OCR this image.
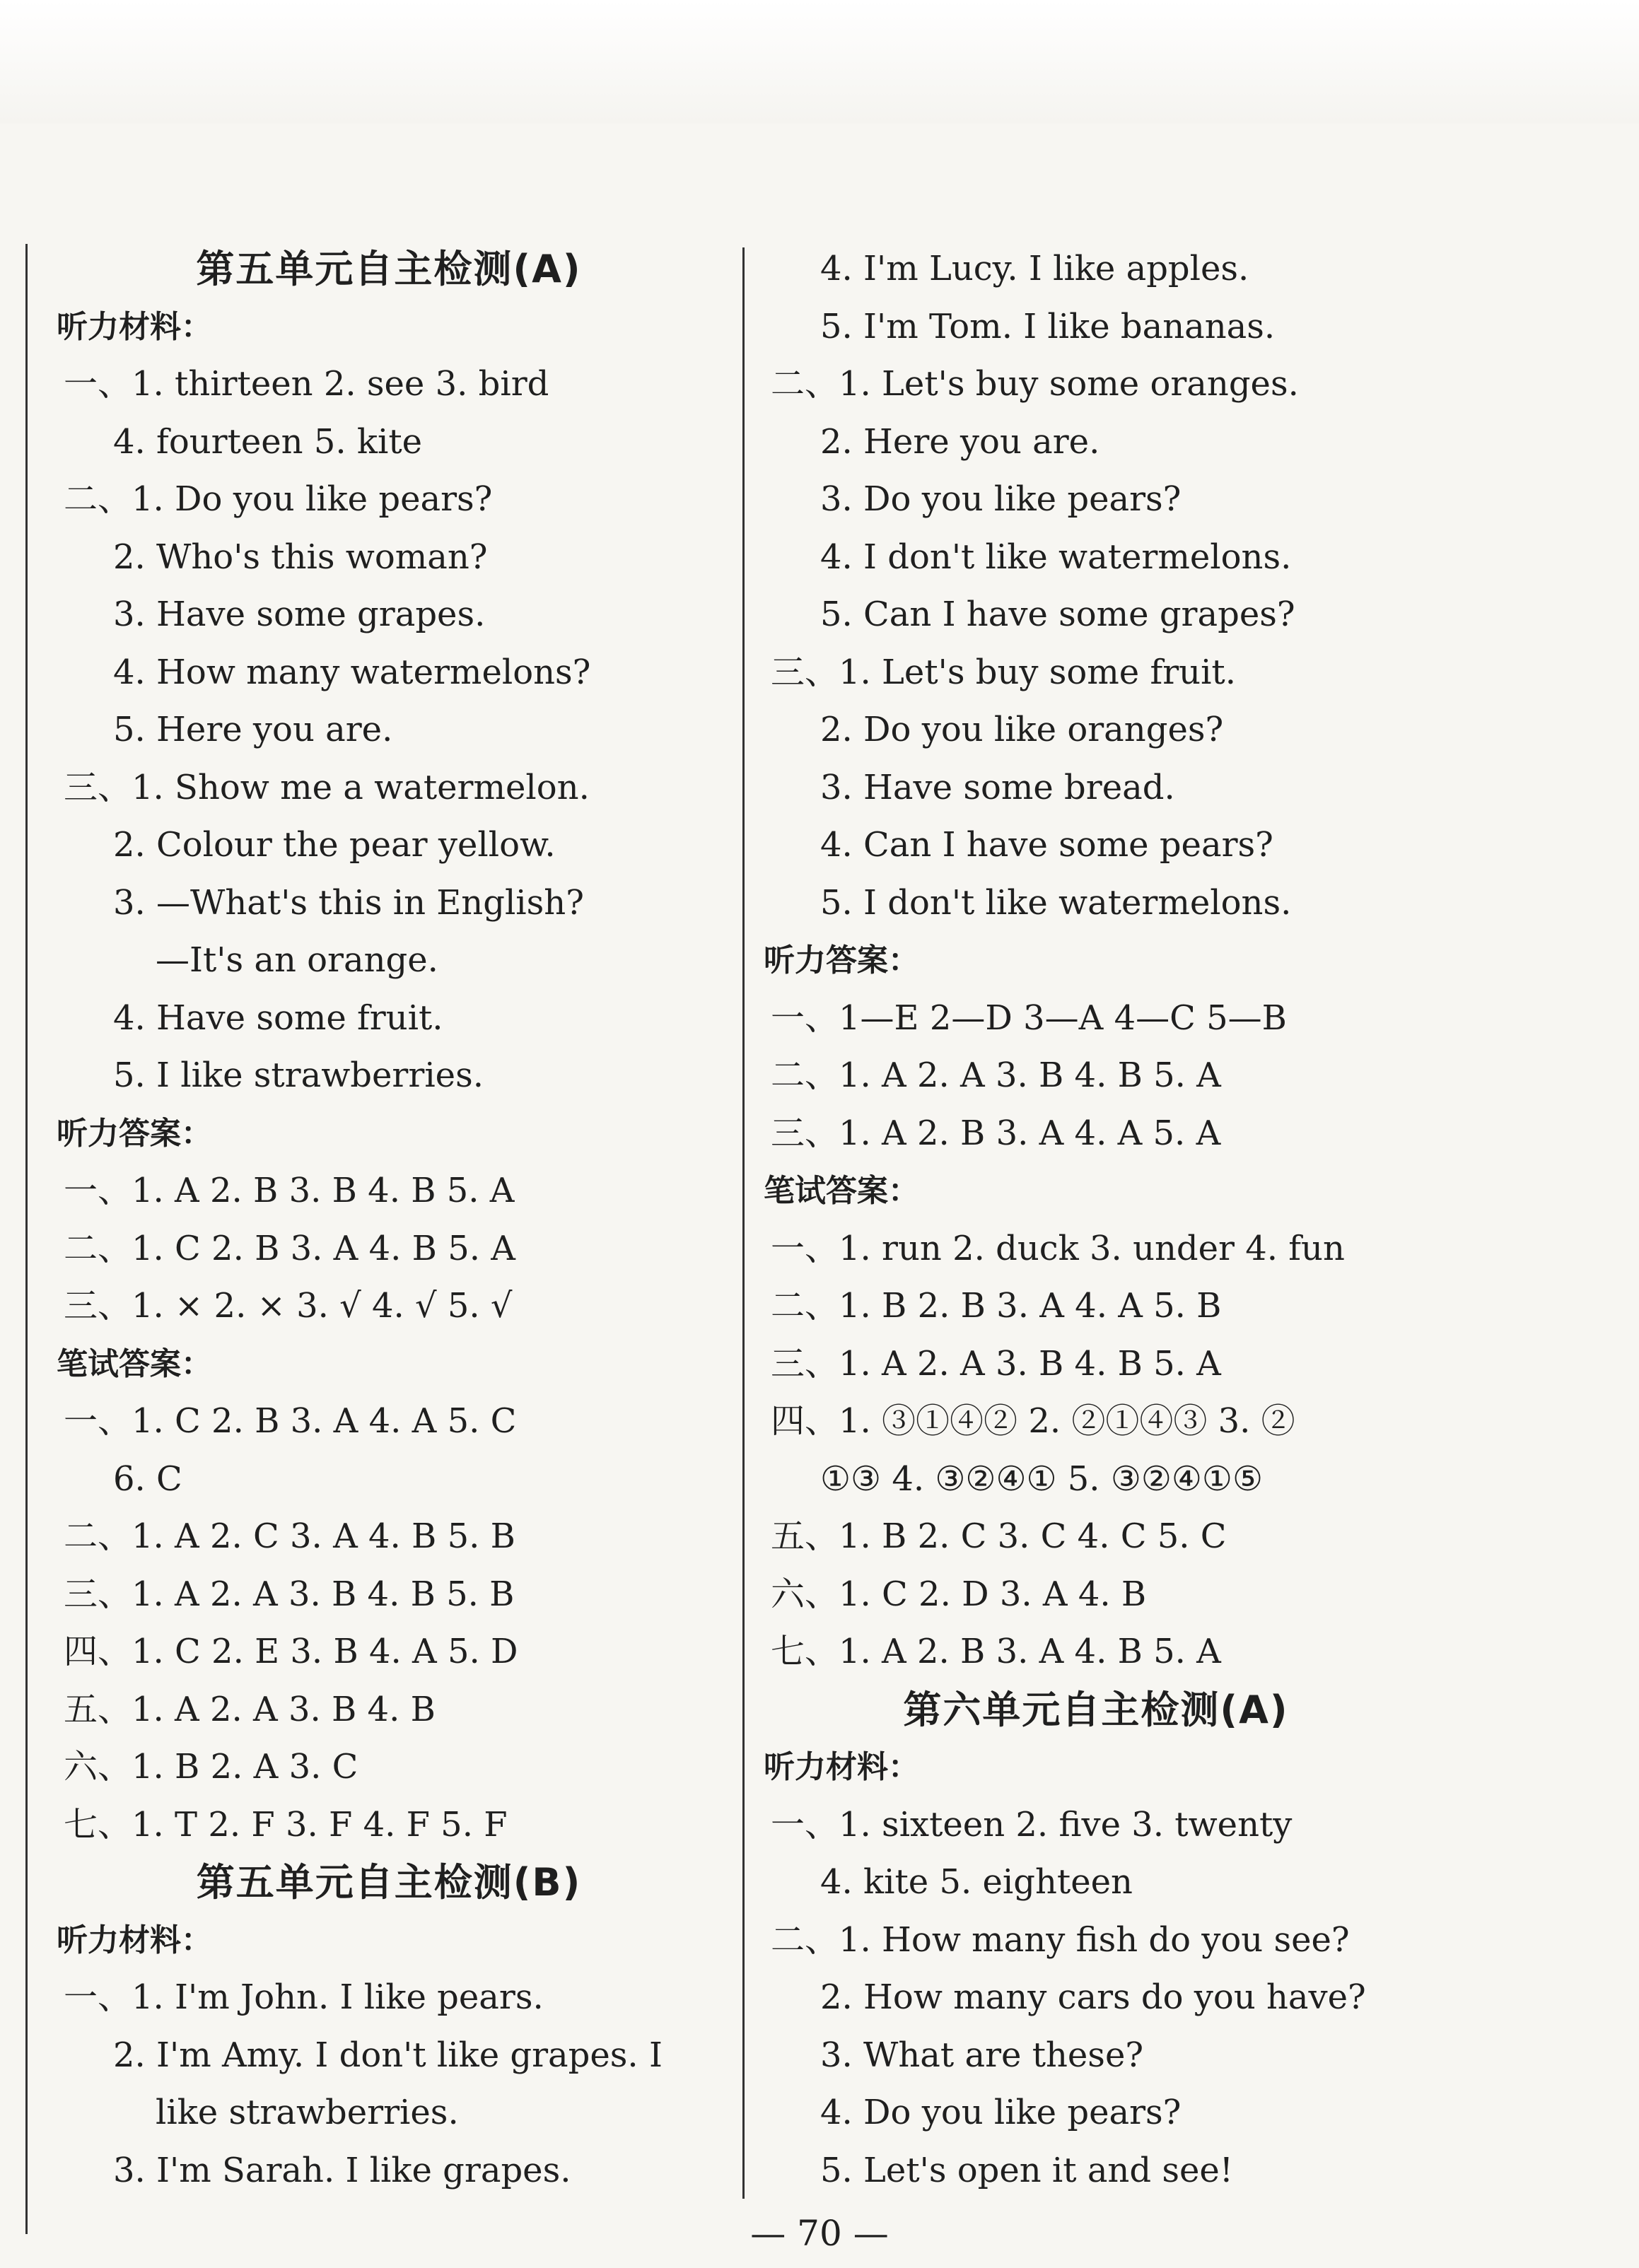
第五单元自主检测(A)
听力材料：
一、1. thirteen 2. see 3. bird
4. fourteen 5. kite
二、1. Do you like pears?
2. Who's this woman?
3. Have some grapes.
4. How many watermelons?
5. Here you are.
三、1. Show me a watermelon.
2. Colour the pear yellow.
3. —What's this in English?
—It's an orange.
4. Have some fruit.
5. I like strawberries.
听力答案：
一、1. A 2. B 3. B 4. B 5. A
二、1. C 2. B 3. A 4. B 5. A
三、1. × 2. × 3. √ 4. √ 5. √
笔试答案：
一、1. C 2. B 3. A 4. A 5. C
6. C
二、1. A 2. C 3. A 4. B 5. B
三、1. A 2. A 3. B 4. B 5. B
四、1. C 2. E 3. B 4. A 5. D
五、1. A 2. A 3. B 4. B
六、1. B 2. A 3. C
七、1. T 2. F 3. F 4. F 5. F
第五单元自主检测(B)
听力材料：
一、1. I'm John. I like pears.
2. I'm Amy. I don't like grapes. I
like strawberries.
3. I'm Sarah. I like grapes.
4. I'm Lucy. I like apples.
5. I'm Tom. I like bananas.
二、1. Let's buy some oranges.
2. Here you are.
3. Do you like pears?
4. I don't like watermelons.
5. Can I have some grapes?
三、1. Let's buy some fruit.
2. Do you like oranges?
3. Have some bread.
4. Can I have some pears?
5. I don't like watermelons.
听力答案：
一、1—E 2—D 3—A 4—C 5—B
二、1. A 2. A 3. B 4. B 5. A
三、1. A 2. B 3. A 4. A 5. A
笔试答案：
一、1. run 2. duck 3. under 4. fun
二、1. B 2. B 3. A 4. A 5. B
三、1. A 2. A 3. B 4. B 5. A
四、1. ③①④② 2. ②①④③ 3. ②
①③ 4. ③②④① 5. ③②④①⑤
五、1. B 2. C 3. C 4. C 5. C
六、1. C 2. D 3. A 4. B
七、1. A 2. B 3. A 4. B 5. A
第六单元自主检测(A)
听力材料：
一、1. sixteen 2. five 3. twenty
4. kite 5. eighteen
二、1. How many fish do you see?
2. How many cars do you have?
3. What are these?
4. Do you like pears?
5. Let's open it and see!
— 70 —
